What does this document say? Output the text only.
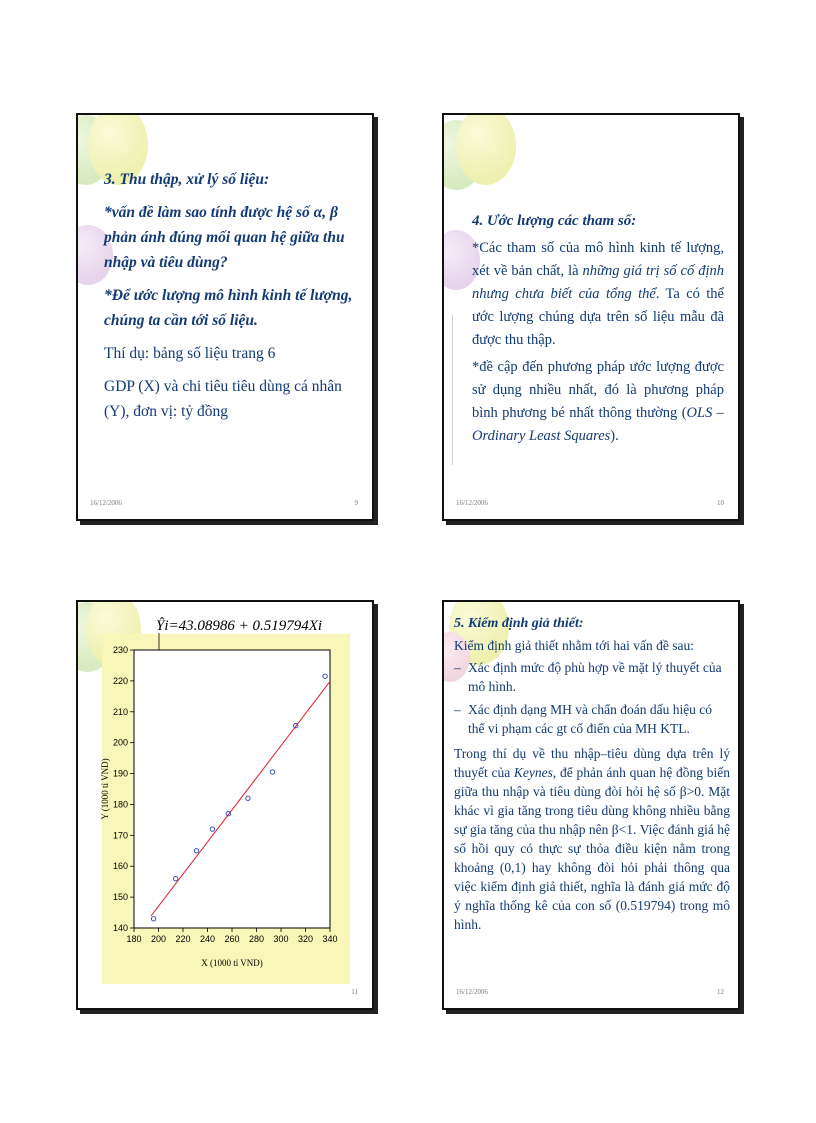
3. Thu thập, xử lý số liệu:

*vấn đề làm sao tính được hệ số α, β phản ánh đúng mối quan hệ giữa thu nhập và tiêu dùng?

*Để ước lượng mô hình kinh tế lượng, chúng ta cần tới số liệu.

Thí dụ: bảng số liệu trang 6

GDP (X) và chi tiêu tiêu dùng cá nhân (Y), đơn vị: tỷ đồng

16/12/2006	9

4. Ước lượng các tham số:

*Các tham số của mô hình kinh tế lượng, xét về bản chất, là những giá trị số cố định nhưng chưa biết của tổng thể. Ta có thể ước lượng chúng dựa trên số liệu mẫu đã được thu thập.

*đề cập đến phương pháp ước lượng được sử dụng nhiều nhất, đó là phương pháp bình phương bé nhất thông thường (OLS – Ordinary Least Squares).

16/12/2006	10
Ŷi=43.08986 + 0.519794Xi
140
150
160
170
180
190
200
210
220
230
180 200 220 240 260 280 300 320 340
Y (1000 tỉ VND)
X (1000 tỉ VND)
11

5. Kiểm định giả thiết:

Kiểm định giả thiết nhằm tới hai vấn đề sau:

– Xác định mức độ phù hợp về mặt lý thuyết của mô hình.
– Xác định dạng MH và chẩn đoán dấu hiệu có thể vi phạm các gt cổ điển của MH KTL.

Trong thí dụ về thu nhập–tiêu dùng dựa trên lý thuyết của Keynes, để phản ánh quan hệ đồng biến giữa thu nhập và tiêu dùng đòi hỏi hệ số β>0. Mặt khác vì gia tăng trong tiêu dùng không nhiều bằng sự gia tăng của thu nhập nên β<1. Việc đánh giá hệ số hồi quy có thực sự thỏa điều kiện nằm trong khoảng (0,1) hay không đòi hỏi phải thông qua việc kiểm định giả thiết, nghĩa là đánh giá mức độ ý nghĩa thống kê của con số (0.519794) trong mô hình.

16/12/2006	12
